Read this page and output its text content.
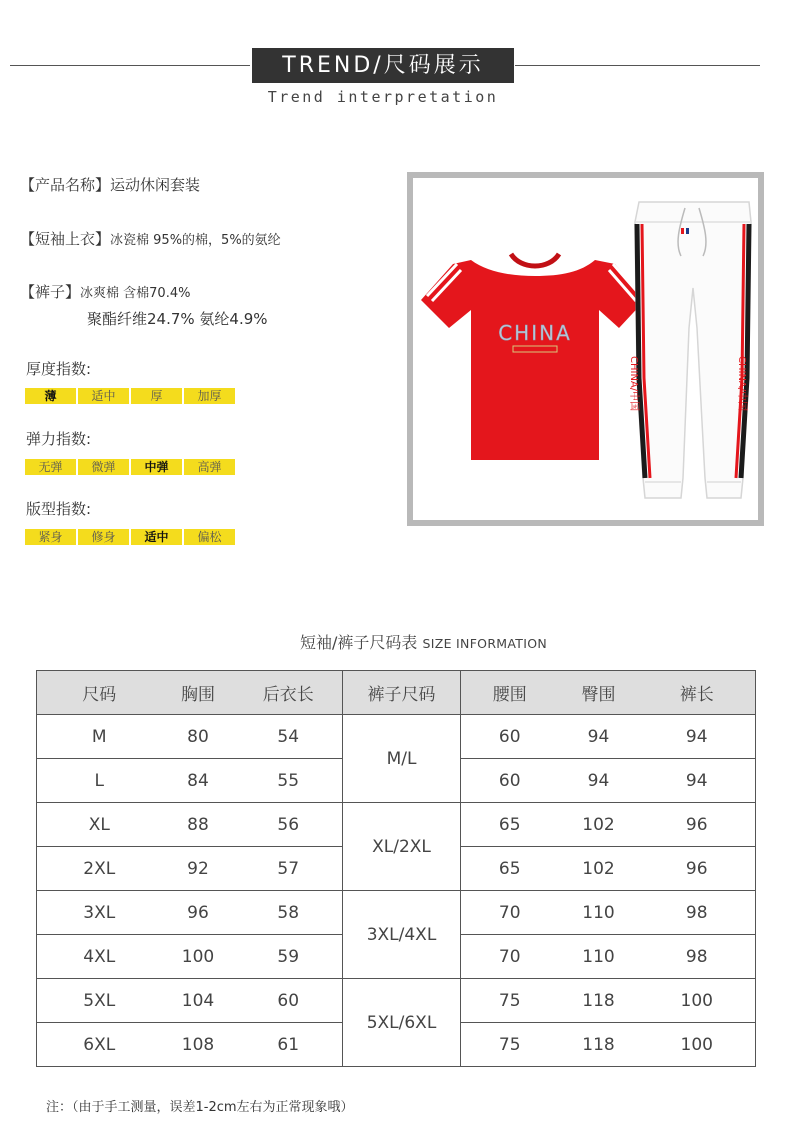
TREND/尺码展示
Trend interpretation
【产品名称】运动休闲套装
【短袖上衣】冰瓷棉 95%的棉，5%的氨纶
【裤子】冰爽棉 含棉70.4%
聚酯纤维24.7% 氨纶4.9%
厚度指数:
薄	适中	厚	加厚
弹力指数:
无弹	微弹	中弹	高弹
版型指数:
紧身	修身	适中	偏松
CHINA
CHINA/中国	CHINA/中国
短袖/裤子尺码表 SIZE INFORMATION
尺码	胸围	后衣长	裤子尺码	腰围	臀围	裤长
M	80	54	M/L	60	94	94
L	84	55		60	94	94
XL	88	56	XL/2XL	65	102	96
2XL	92	57		65	102	96
3XL	96	58	3XL/4XL	70	110	98
4XL	100	59		70	110	98
5XL	104	60	5XL/6XL	75	118	100
6XL	108	61		75	118	100
注：（由于手工测量，误差1-2cm左右为正常现象哦）
